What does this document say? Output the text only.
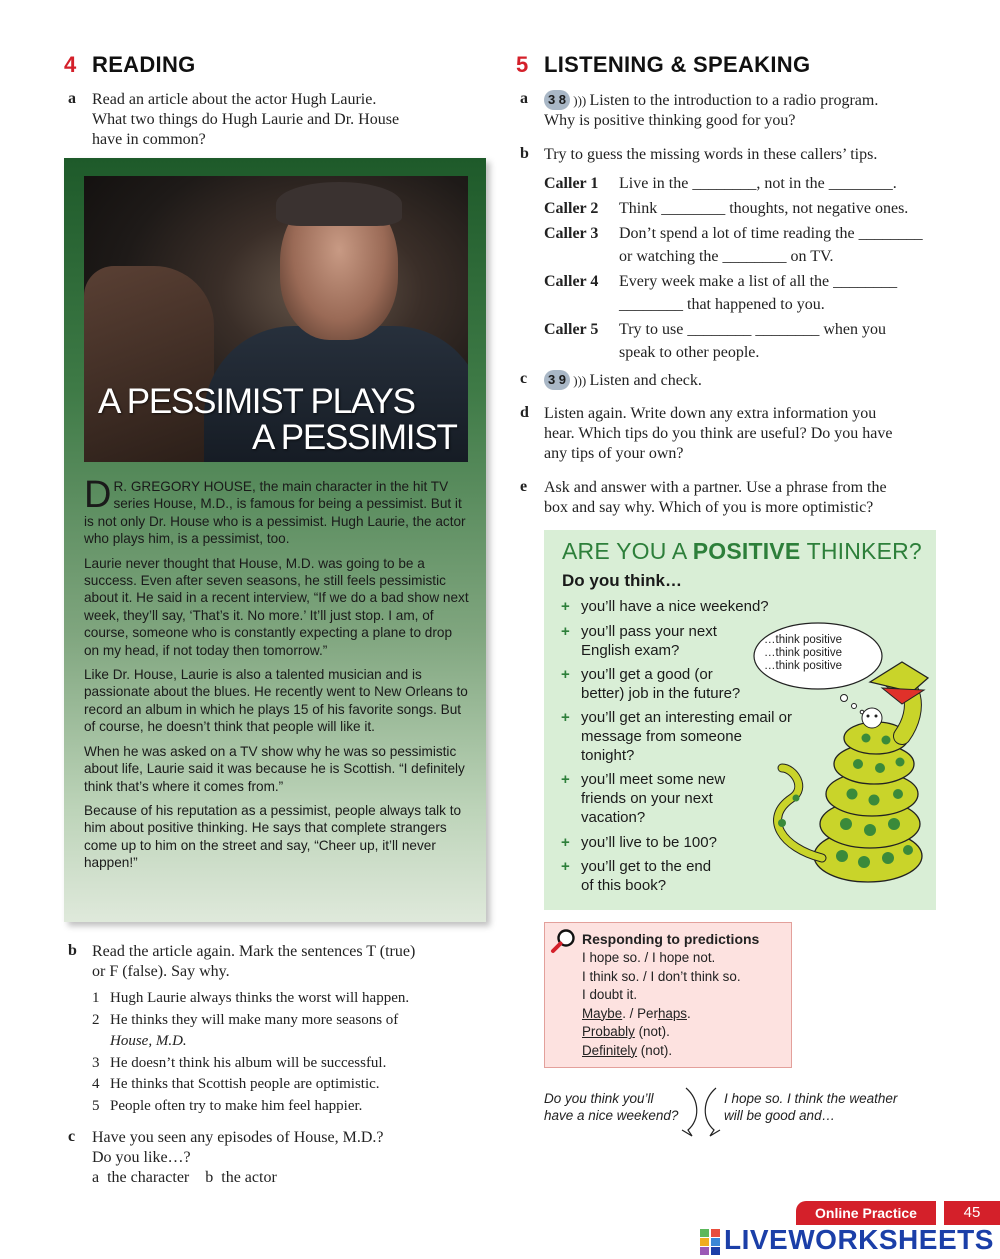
4 READING
a Read an article about the actor Hugh Laurie.
What two things do Hugh Laurie and Dr. House
have in common?
A PESSIMIST PLAYS
A PESSIMIST

D R. GREGORY HOUSE, the main character in the hit TV series House, M.D., is famous for being a pessimist. But it is not only Dr. House who is a pessimist. Hugh Laurie, the actor who plays him, is a pessimist, too.

Laurie never thought that House, M.D. was going to be a success. Even after seven seasons, he still feels pessimistic about it. He said in a recent interview, “If we do a bad show next week, they’ll say, ‘That’s it. No more.’ It’ll just stop. I am, of course, someone who is constantly expecting a plane to drop on my head, if not today then tomorrow.”

Like Dr. House, Laurie is also a talented musician and is passionate about the blues. He recently went to New Orleans to record an album in which he plays 15 of his favorite songs. But of course, he doesn’t think that people will like it.

When he was asked on a TV show why he was so pessimistic about life, Laurie said it was because he is Scottish. “I definitely think that’s where it comes from.”

Because of his reputation as a pessimist, people always talk to him about positive thinking. He says that complete strangers come up to him on the street and say, “Cheer up, it’ll never happen!”

b Read the article again. Mark the sentences T (true)
or F (false). Say why.
1 Hugh Laurie always thinks the worst will happen.
2 He thinks they will make many more seasons of
House, M.D.
3 He doesn’t think his album will be successful.
4 He thinks that Scottish people are optimistic.
5 People often try to make him feel happier.
c Have you seen any episodes of House, M.D.?
Do you like…?
a  the character    b  the actor
5 LISTENING & SPEAKING
a	3 8 ))) Listen to the introduction to a radio program.
Why is positive thinking good for you?
b Try to guess the missing words in these callers’ tips.
Caller 1 Live in the ________, not in the ________.
Caller 2 Think ________ thoughts, not negative ones.
Caller 3 Don’t spend a lot of time reading the ________
or watching the ________ on TV.
Caller 4 Every week make a list of all the ________
________ that happened to you.
Caller 5 Try to use ________ ________ when you
speak to other people.
c	3 9 ))) Listen and check.
d Listen again. Write down any extra information you
hear. Which tips do you think are useful? Do you have
any tips of your own?
e Ask and answer with a partner. Use a phrase from the
box and say why. Which of you is more optimistic?
ARE YOU A POSITIVE THINKER?
Do you think…
+ you’ll have a nice weekend?
+ you’ll pass your next
English exam?
+ you’ll get a good (or
better) job in the future?
+ you’ll get an interesting email or
message from someone
tonight?
+ you’ll meet some new
friends on your next
vacation?
+ you’ll live to be 100?
+ you’ll get to the end
of this book?
…think positive
…think positive
…think positive
Responding to predictions
I hope so. / I hope not.
I think so. / I don’t think so.
I doubt it.
Maybe. / Perhaps.
Probably (not).
Definitely (not).
Do you think you’ll
have a nice weekend?
I hope so. I think the weather
will be good and…
Online Practice	45
LIVEWORKSHEETS
